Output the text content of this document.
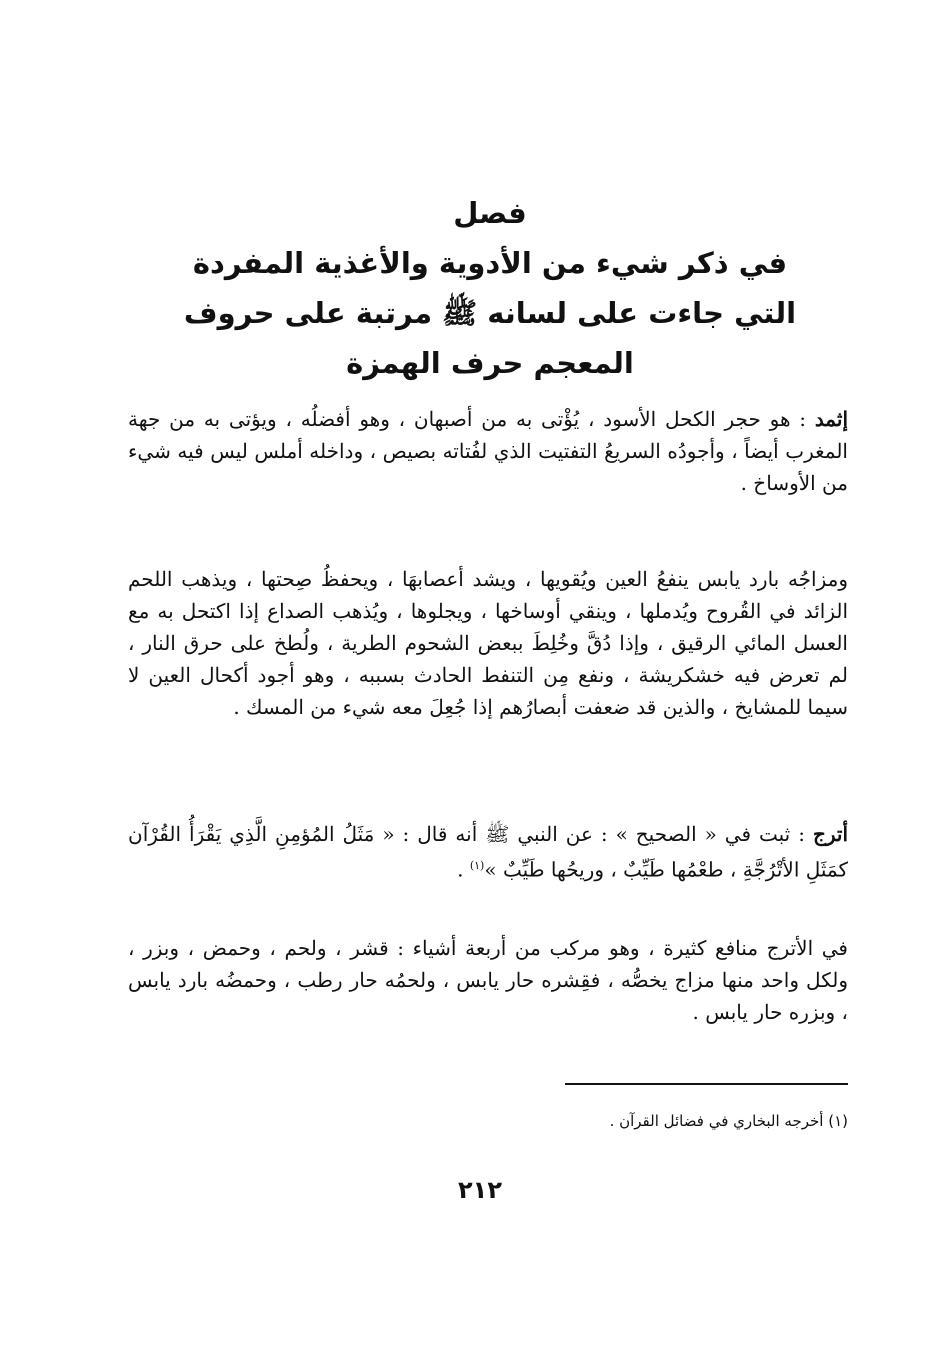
فصل
في ذكر شيء من الأدوية والأغذية المفردة
التي جاءت على لسانه ﷺ مرتبة على حروف
المعجم حرف الهمزة

إثمد : هو حجر الكحل الأسود ، يُؤْتى به من أصبهان ، وهو أفضلُه ، ويؤتى به من جهة المغرب أيضاً ، وأجودُه السريعُ التفتيت الذي لفُتاته بصيص ، وداخله أملس ليس فيه شيء من الأوساخ .

ومزاجُه بارد يابس ينفعُ العين ويُقويها ، ويشد أعصابهَا ، ويحفظُ صِحتها ، ويذهب اللحم الزائد في القُروح ويُدملها ، وينقي أوساخها ، ويجلوها ، ويُذهب الصداع إذا اكتحل به مع العسل المائي الرقيق ، وإذا دُقَّ وخُلِطَ ببعض الشحوم الطرية ، ولُطخ على حرق النار ، لم تعرض فيه خشكريشة ، ونفع مِن التنفط الحادث بسببه ، وهو أجود أكحال العين لا سيما للمشايخ ، والذين قد ضعفت أبصارُهم إذا جُعِلَ معه شيء من المسك .

أترج : ثبت في « الصحيح » : عن النبي ﷺ أنه قال : « مَثَلُ المُؤمِنِ الَّذِي يَقْرَأُ القُرْآن كمَثَلِ الأتْرُجَّةِ ، طعْمُها طَيِّبٌ ، وريحُها طَيِّبٌ »$^{(١)}$ .

في الأترج منافع كثيرة ، وهو مركب من أربعة أشياء : قشر ، ولحم ، وحمض ، وبزر ، ولكل واحد منها مزاج يخصُّه ، فقِشره حار يابس ، ولحمُه حار رطب ، وحمضُه بارد يابس ، وبزره حار يابس .

(١) أخرجه البخاري في فضائل القرآن .
٢١٢
